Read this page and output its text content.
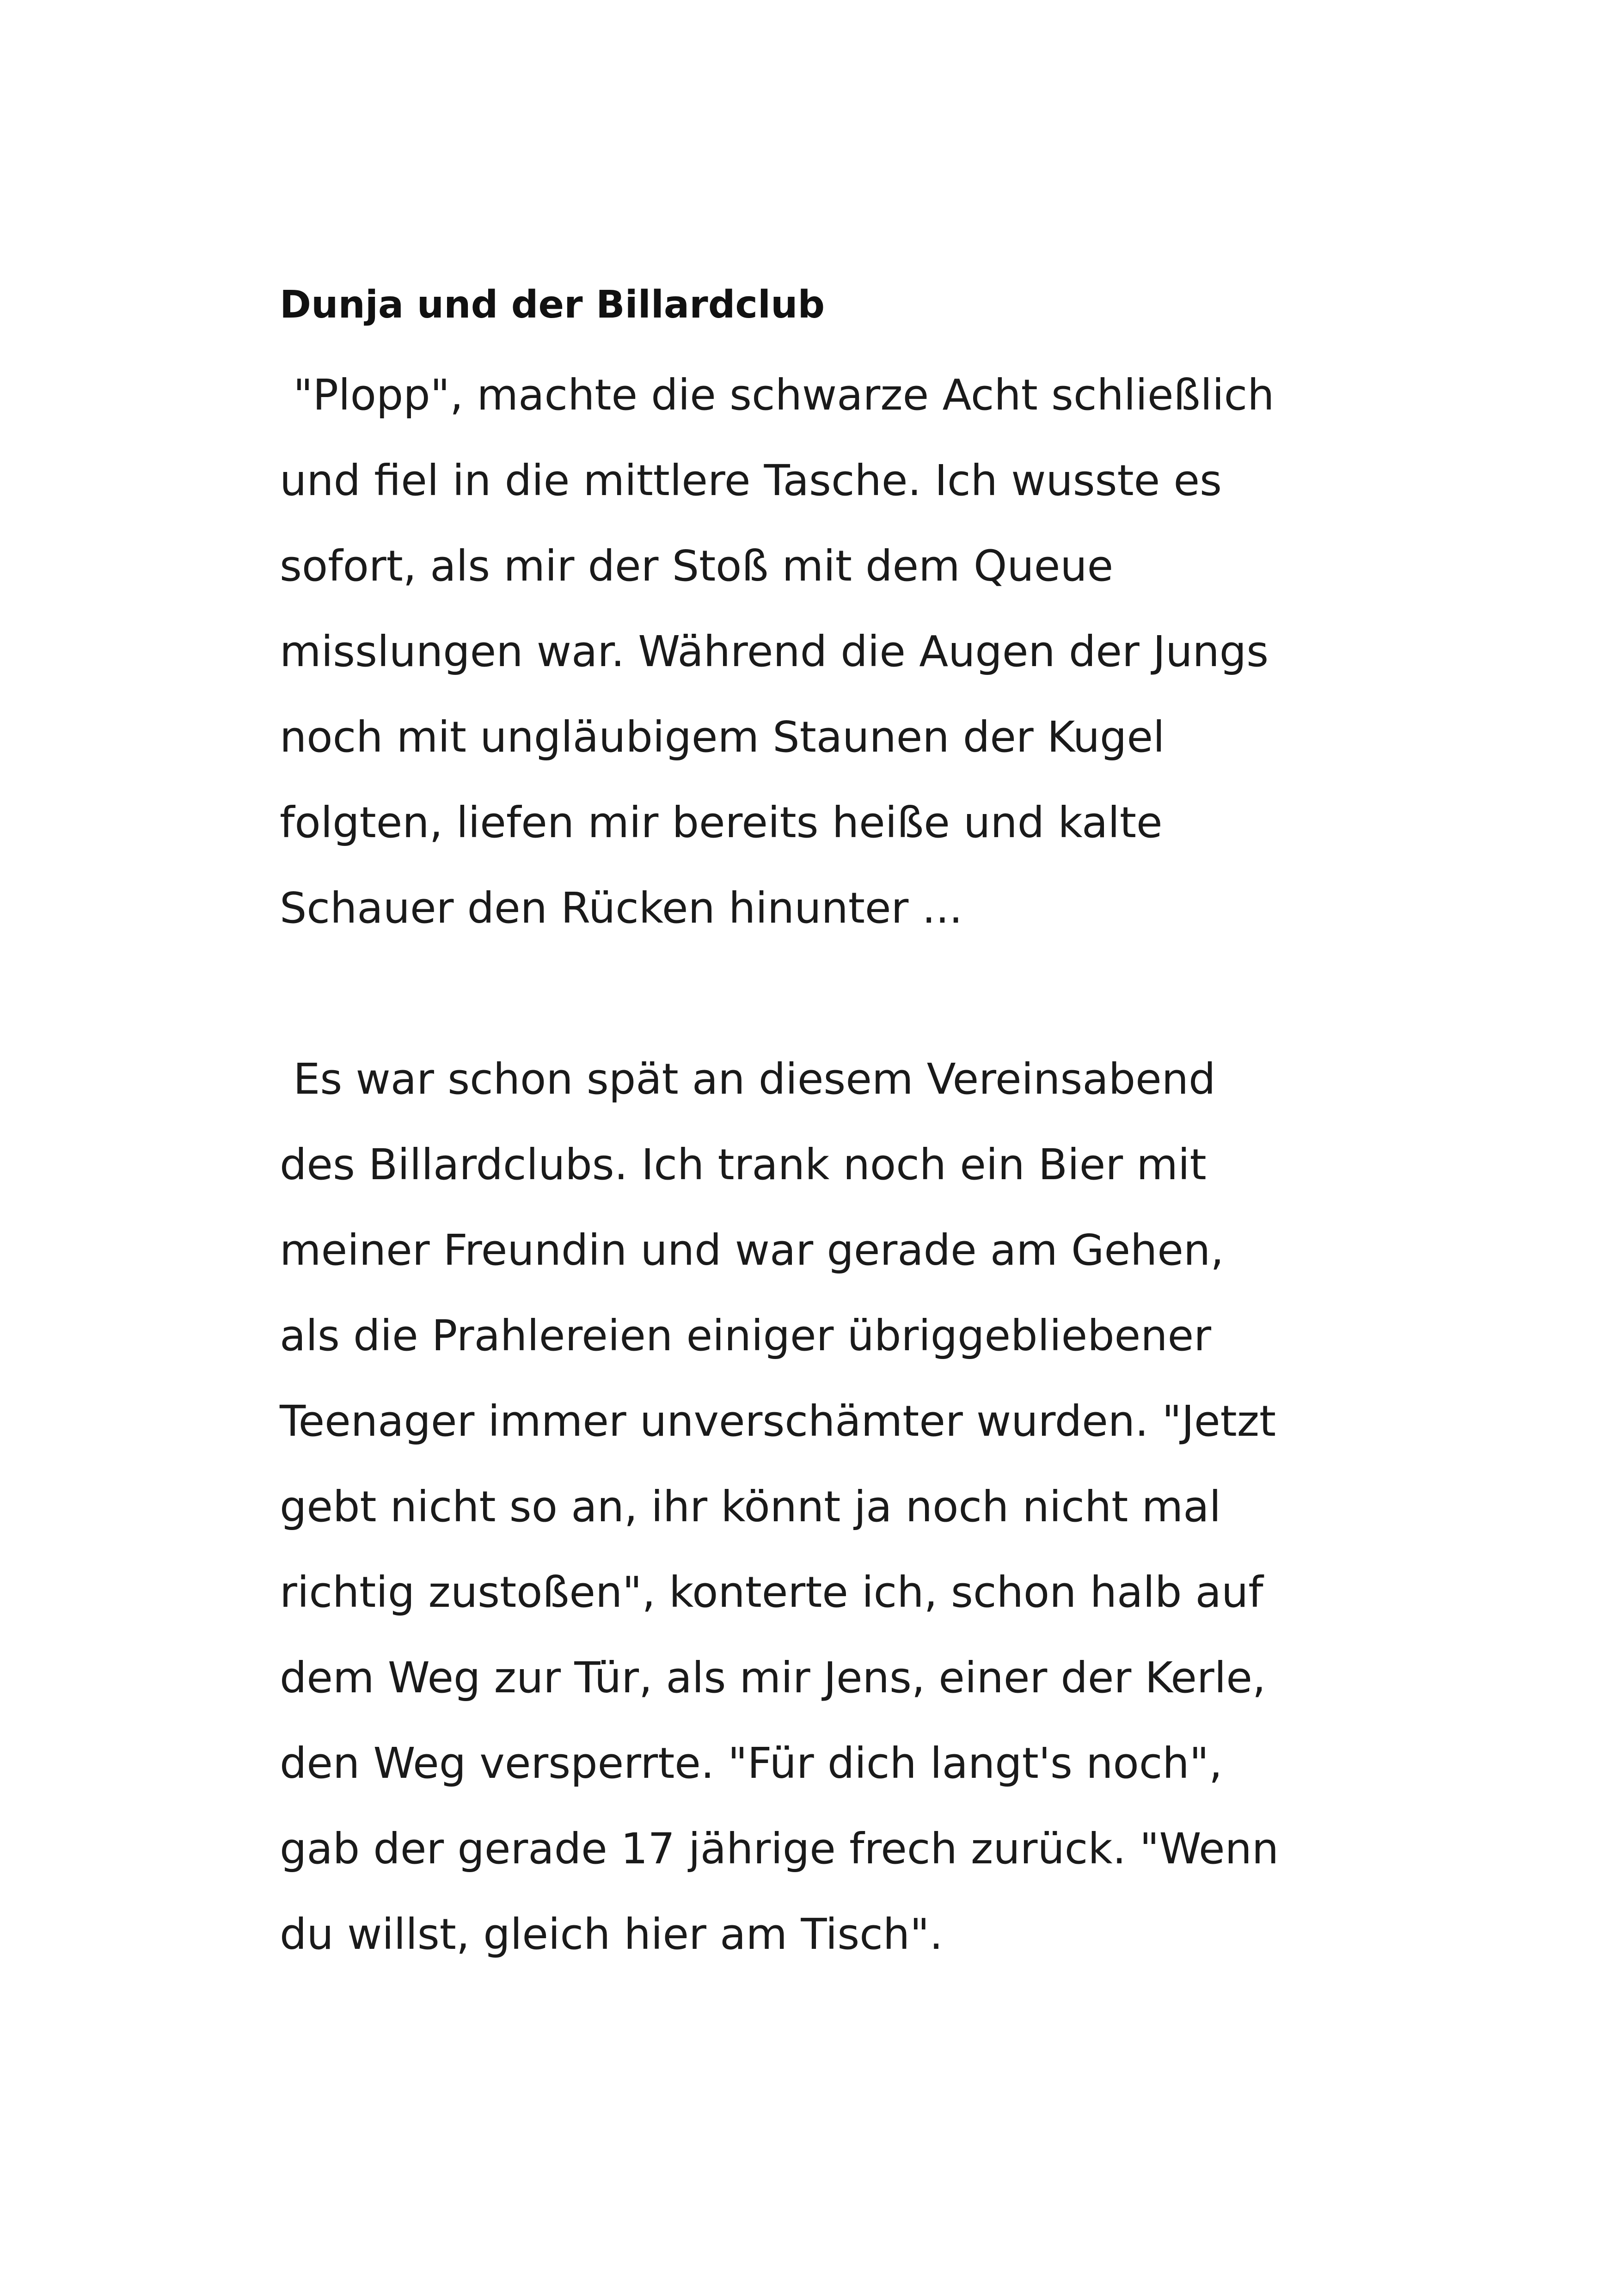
Dunja und der Billardclub

"Plopp", machte die schwarze Acht schließlich

und fiel in die mittlere Tasche. Ich wusste es

sofort, als mir der Stoß mit dem Queue

misslungen war. Während die Augen der Jungs

noch mit ungläubigem Staunen der Kugel

folgten, liefen mir bereits heiße und kalte

Schauer den Rücken hinunter ...

Es war schon spät an diesem Vereinsabend

des Billardclubs. Ich trank noch ein Bier mit

meiner Freundin und war gerade am Gehen,

als die Prahlereien einiger übriggebliebener

Teenager immer unverschämter wurden. "Jetzt

gebt nicht so an, ihr könnt ja noch nicht mal

richtig zustoßen", konterte ich, schon halb auf

dem Weg zur Tür, als mir Jens, einer der Kerle,

den Weg versperrte. "Für dich langt's noch",

gab der gerade 17 jährige frech zurück. "Wenn

du willst, gleich hier am Tisch".
